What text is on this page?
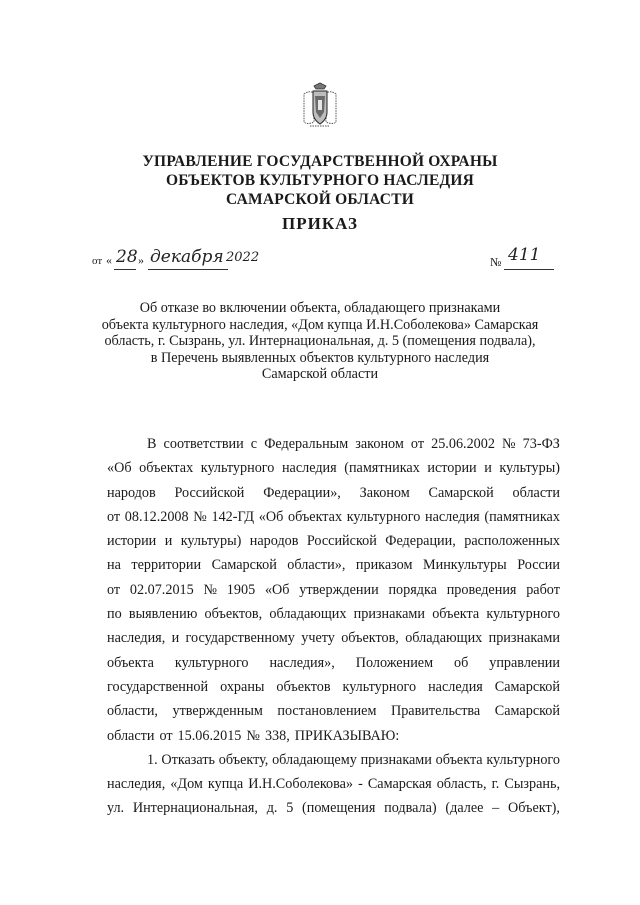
УПРАВЛЕНИЕ ГОСУДАРСТВЕННОЙ ОХРАНЫ
ОБЪЕКТОВ КУЛЬТУРНОГО НАСЛЕДИЯ
САМАРСКОЙ ОБЛАСТИ
ПРИКАЗ
от « 28 » декабря 2022	№ 411
Об отказе во включении объекта, обладающего признаками
объекта культурного наследия, «Дом купца И.Н.Соболекова» Самарская
область, г. Сызрань, ул. Интернациональная, д. 5 (помещения подвала),
в Перечень выявленных объектов культурного наследия
Самарской области
В соответствии с Федеральным законом от 25.06.2002 № 73-ФЗ
«Об объектах культурного наследия (памятниках истории и культуры)
народов Российской Федерации», Законом Самарской области
от 08.12.2008 № 142-ГД «Об объектах культурного наследия (памятниках
истории и культуры) народов Российской Федерации, расположенных
на территории Самарской области», приказом Минкультуры России
от 02.07.2015 № 1905 «Об утверждении порядка проведения работ
по выявлению объектов, обладающих признаками объекта культурного
наследия, и государственному учету объектов, обладающих признаками
объекта культурного наследия», Положением об управлении
государственной охраны объектов культурного наследия Самарской
области, утвержденным постановлением Правительства Самарской
области от 15.06.2015 № 338, ПРИКАЗЫВАЮ:
1. Отказать объекту, обладающему признаками объекта культурного
наследия, «Дом купца И.Н.Соболекова» - Самарская область, г. Сызрань,
ул. Интернациональная, д. 5 (помещения подвала) (далее – Объект),
